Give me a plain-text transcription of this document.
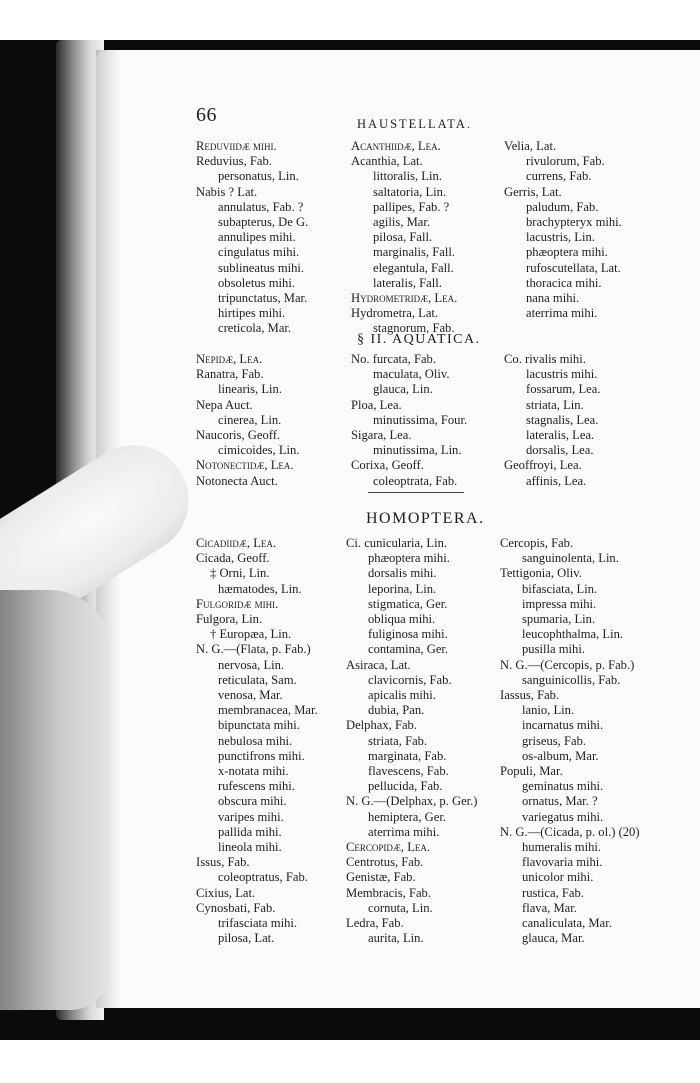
66	HAUSTELLATA.
Reduviidæ mihi.
Reduvius, Fab.
personatus, Lin.
Nabis ? Lat.
annulatus, Fab. ?
subapterus, De G.
annulipes mihi.
cingulatus mihi.
sublineatus mihi.
obsoletus mihi.
tripunctatus, Mar.
hirtipes mihi.
creticola, Mar.
Acanthiidæ, Lea.
Acanthia, Lat.
littoralis, Lin.
saltatoria, Lin.
pallipes, Fab. ?
agilis, Mar.
pilosa, Fall.
marginalis, Fall.
elegantula, Fall.
lateralis, Fall.
Hydrometridæ, Lea.
Hydrometra, Lat.
stagnorum, Fab.
Velia, Lat.
rivulorum, Fab.
currens, Fab.
Gerris, Lat.
paludum, Fab.
brachypteryx mihi.
lacustris, Lin.
phæoptera mihi.
rufoscutellata, Lat.
thoracica mihi.
nana mihi.
aterrima mihi.
§ II. AQUATICA.
Nepidæ, Lea.
Ranatra, Fab.
linearis, Lin.
Nepa Auct.
cinerea, Lin.
Naucoris, Geoff.
cimicoides, Lin.
Notonectidæ, Lea.
Notonecta Auct.
No. furcata, Fab.
maculata, Oliv.
glauca, Lin.
Ploa, Lea.
minutissima, Four.
Sigara, Lea.
minutissima, Lin.
Corixa, Geoff.
coleoptrata, Fab.
Co. rivalis mihi.
lacustris mihi.
fossarum, Lea.
striata, Lin.
stagnalis, Lea.
lateralis, Lea.
dorsalis, Lea.
Geoffroyi, Lea.
affinis, Lea.
HOMOPTERA.
Cicadiidæ, Lea.
Cicada, Geoff.
‡ Orni, Lin.
hæmatodes, Lin.
Fulgoridæ mihi.
Fulgora, Lin.
† Europæa, Lin.
N. G.—(Flata, p. Fab.)
nervosa, Lin.
reticulata, Sam.
venosa, Mar.
membranacea, Mar.
bipunctata mihi.
nebulosa mihi.
punctifrons mihi.
x-notata mihi.
rufescens mihi.
obscura mihi.
varipes mihi.
pallida mihi.
lineola mihi.
Issus, Fab.
coleoptratus, Fab.
Cixius, Lat.
Cynosbati, Fab.
trifasciata mihi.
pilosa, Lat.
Ci. cunicularia, Lin.
phæoptera mihi.
dorsalis mihi.
leporina, Lin.
stigmatica, Ger.
obliqua mihi.
fuliginosa mihi.
contamina, Ger.
Asiraca, Lat.
clavicornis, Fab.
apicalis mihi.
dubia, Pan.
Delphax, Fab.
striata, Fab.
marginata, Fab.
flavescens, Fab.
pellucida, Fab.
N. G.—(Delphax, p. Ger.)
hemiptera, Ger.
aterrima mihi.
Cercopidæ, Lea.
Centrotus, Fab.
Genistæ, Fab.
Membracis, Fab.
cornuta, Lin.
Ledra, Fab.
aurita, Lin.
Cercopis, Fab.
sanguinolenta, Lin.
Tettigonia, Oliv.
bifasciata, Lin.
impressa mihi.
spumaria, Lin.
leucophthalma, Lin.
pusilla mihi.
N. G.—(Cercopis, p. Fab.)
sanguinicollis, Fab.
Iassus, Fab.
lanio, Lin.
incarnatus mihi.
griseus, Fab.
os-album, Mar.
Populi, Mar.
geminatus mihi.
ornatus, Mar. ?
variegatus mihi.
N. G.—(Cicada, p. ol.) (20)
humeralis mihi.
flavovaria mihi.
unicolor mihi.
rustica, Fab.
flava, Mar.
canaliculata, Mar.
glauca, Mar.
